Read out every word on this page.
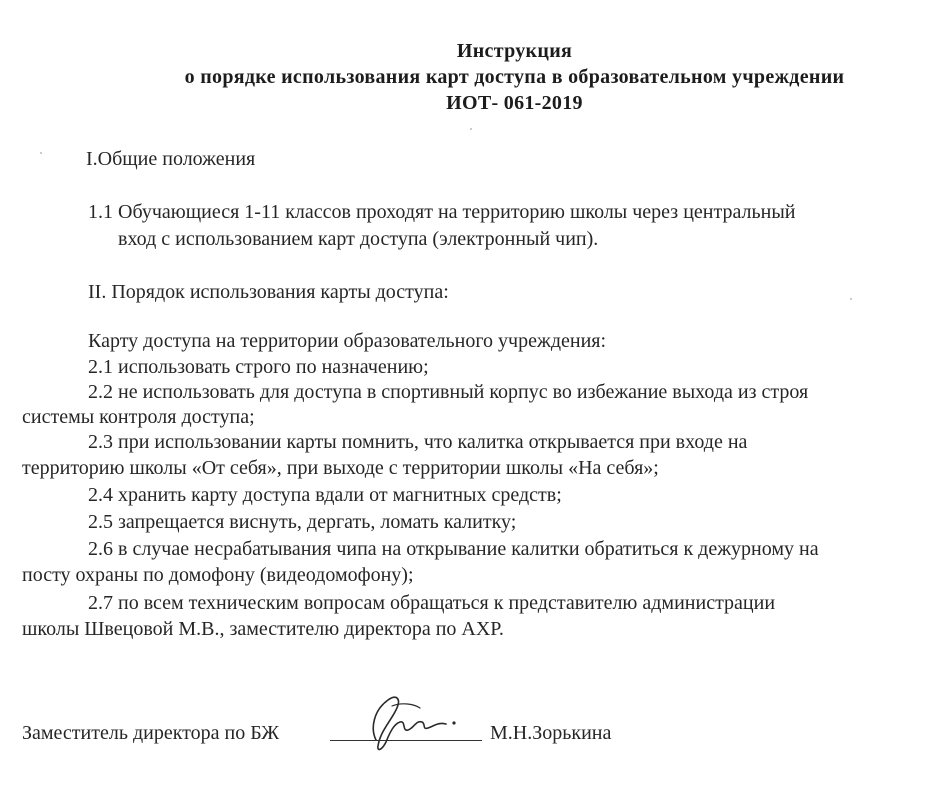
Инструкция
о порядке использования карт доступа в образовательном учреждении
ИОТ- 061-2019
I.Общие положения
1.1 Обучающиеся 1-11 классов проходят на территорию школы через центральный
вход с использованием карт доступа (электронный чип).
II. Порядок использования карты доступа:
Карту доступа на территории образовательного учреждения:
2.1 использовать строго по назначению;
2.2 не использовать для доступа в спортивный корпус во избежание выхода из строя
системы контроля доступа;
2.3 при использовании карты помнить, что калитка открывается при входе на
территорию школы «От себя», при выходе с территории школы «На себя»;
2.4 хранить карту доступа вдали от магнитных средств;
2.5 запрещается виснуть, дергать, ломать калитку;
2.6 в случае несрабатывания чипа на открывание калитки обратиться к дежурному на
посту охраны по домофону (видеодомофону);
2.7 по всем техническим вопросам обращаться к представителю администрации
школы Швецовой М.В., заместителю директора по АХР.
Заместитель директора по БЖ	М.Н.Зорькина
